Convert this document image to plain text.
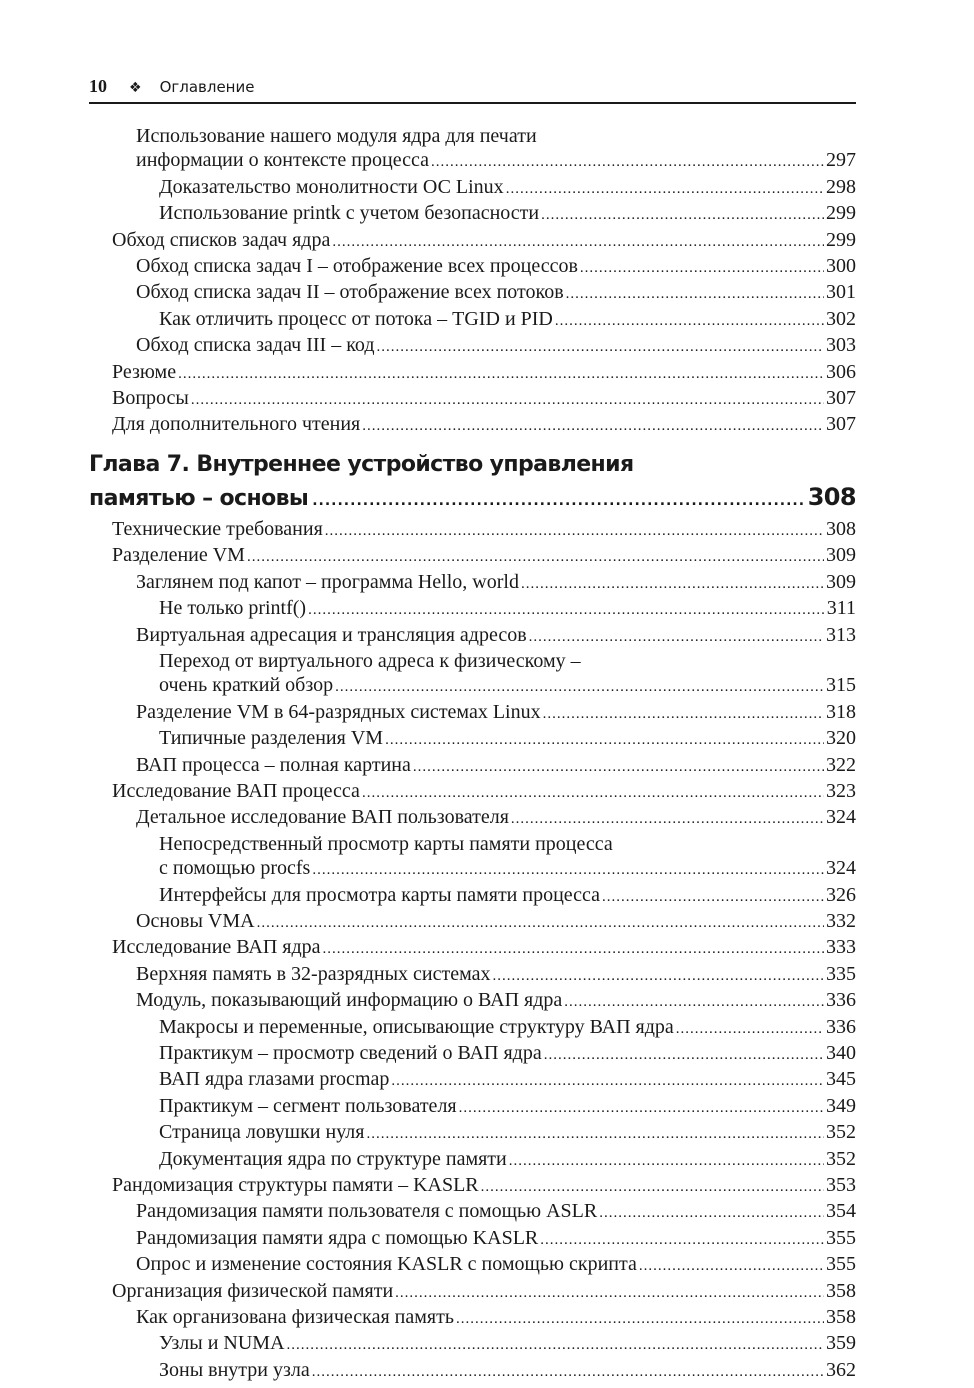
10 ❖ Оглавление
Использование нашего модуля ядра для печати
информации о контексте процесса .....	297
Доказательство монолитности ОС Linux .....	298
Использование printk с учетом безопасности .....	299
Обход списков задач ядра .....	299
Обход списка задач I – отображение всех процессов .....	300
Обход списка задач II – отображение всех потоков .....	301
Как отличить процесс от потока – TGID и PID .....	302
Обход списка задач III – код .....	303
Резюме .....	306
Вопросы .....	307
Для дополнительного чтения .....	307
Глава 7. Внутреннее устройство управления
памятью – основы .....	308
Технические требования .....	308
Разделение VM .....	309
Заглянем под капот – программа Hello, world .....	309
Не только printf() .....	311
Виртуальная адресация и трансляция адресов .....	313
Переход от виртуального адреса к физическому –
очень краткий обзор .....	315
Разделение VM в 64-разрядных системах Linux .....	318
Типичные разделения VM .....	320
ВАП процесса – полная картина .....	322
Исследование ВАП процесса .....	323
Детальное исследование ВАП пользователя .....	324
Непосредственный просмотр карты памяти процесса
с помощью procfs .....	324
Интерфейсы для просмотра карты памяти процесса .....	326
Основы VMA .....	332
Исследование ВАП ядра .....	333
Верхняя память в 32-разрядных системах .....	335
Модуль, показывающий информацию о ВАП ядра .....	336
Макросы и переменные, описывающие структуру ВАП ядра .....	336
Практикум – просмотр сведений о ВАП ядра .....	340
ВАП ядра глазами procmap .....	345
Практикум – сегмент пользователя .....	349
Страница ловушки нуля .....	352
Документация ядра по структуре памяти .....	352
Рандомизация структуры памяти – KASLR .....	353
Рандомизация памяти пользователя с помощью ASLR .....	354
Рандомизация памяти ядра с помощью KASLR .....	355
Опрос и изменение состояния KASLR с помощью скрипта .....	355
Организация физической памяти .....	358
Как организована физическая память .....	358
Узлы и NUMA .....	359
Зоны внутри узла .....	362
